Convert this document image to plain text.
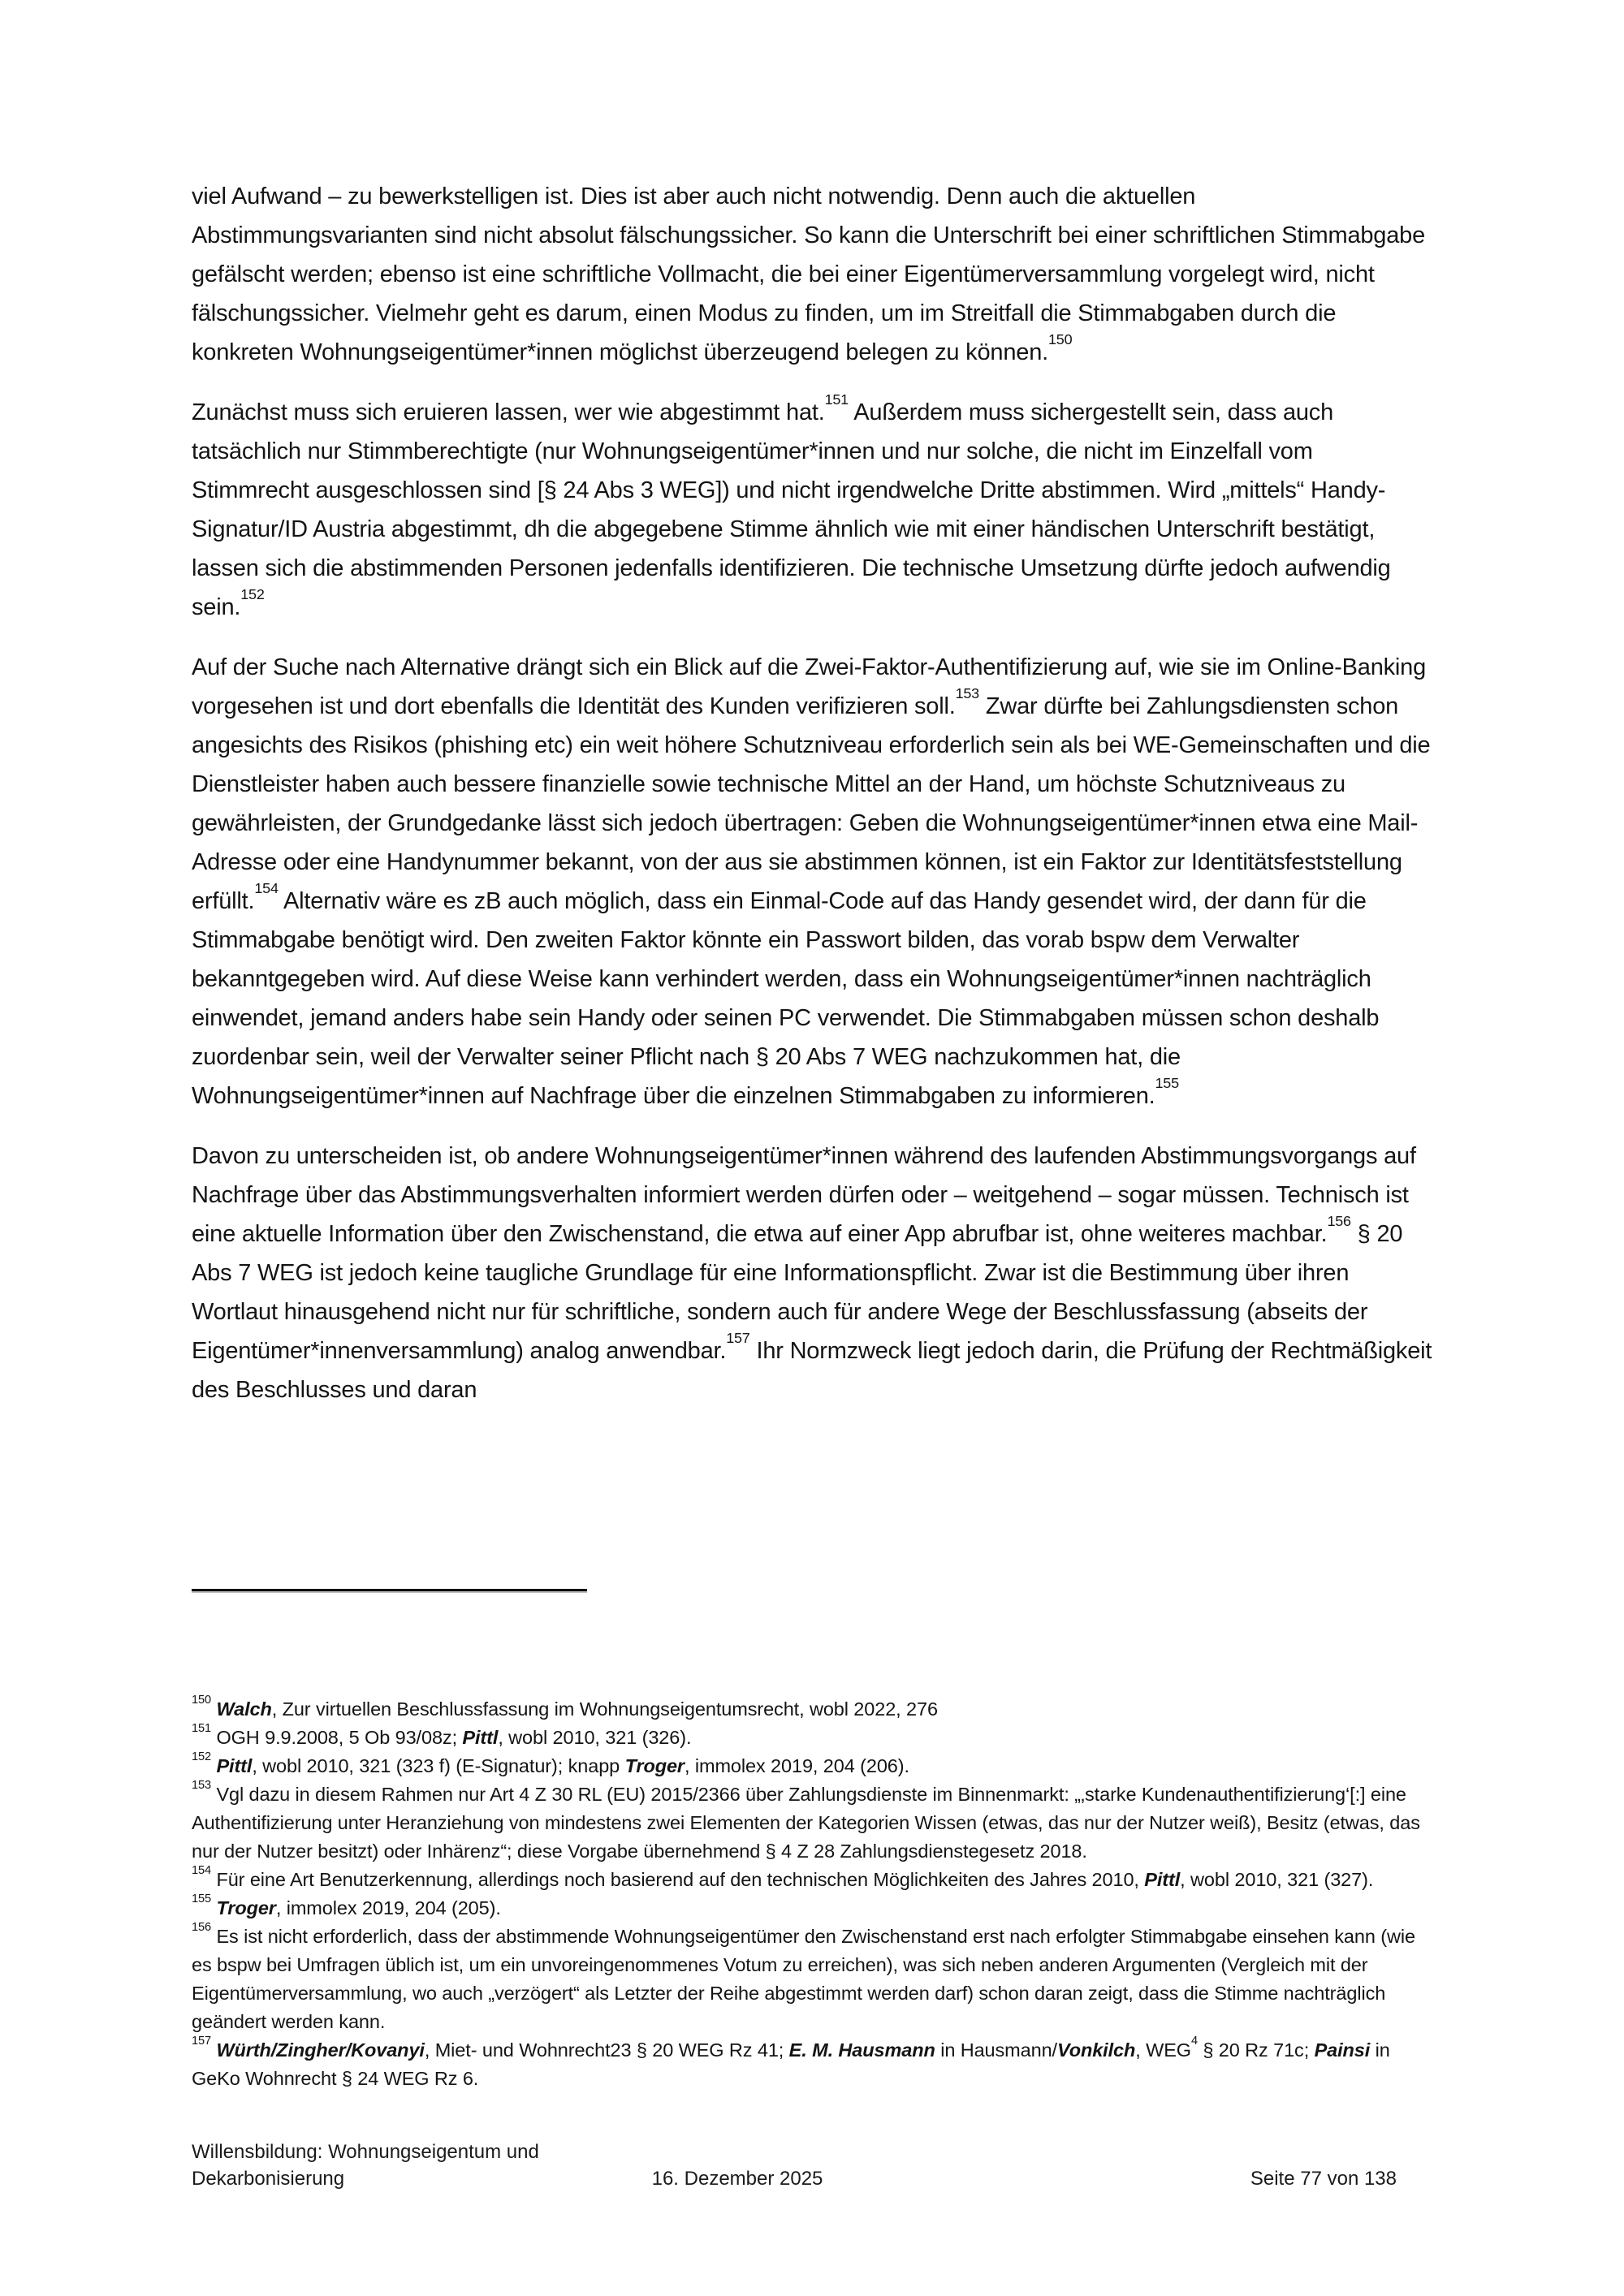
viel Aufwand – zu bewerkstelligen ist. Dies ist aber auch nicht notwendig. Denn auch die aktuellen Abstimmungsvarianten sind nicht absolut fälschungssicher. So kann die Unterschrift bei einer schriftlichen Stimmabgabe gefälscht werden; ebenso ist eine schriftliche Vollmacht, die bei einer Eigentümerversammlung vorgelegt wird, nicht fälschungssicher. Vielmehr geht es darum, einen Modus zu finden, um im Streitfall die Stimmabgaben durch die konkreten Wohnungseigentümer*innen möglichst überzeugend belegen zu können.$^{150}$

Zunächst muss sich eruieren lassen, wer wie abgestimmt hat.$^{151}$ Außerdem muss sichergestellt sein, dass auch tatsächlich nur Stimmberechtigte (nur Wohnungseigentümer*innen und nur solche, die nicht im Einzelfall vom Stimmrecht ausgeschlossen sind [§ 24 Abs 3 WEG]) und nicht irgendwelche Dritte abstimmen. Wird „mittels“ Handy-Signatur/ID Austria abgestimmt, dh die abgegebene Stimme ähnlich wie mit einer händischen Unterschrift bestätigt, lassen sich die abstimmenden Personen jedenfalls identifizieren. Die technische Umsetzung dürfte jedoch aufwendig sein.$^{152}$

Auf der Suche nach Alternative drängt sich ein Blick auf die Zwei-Faktor-Authentifizierung auf, wie sie im Online-Banking vorgesehen ist und dort ebenfalls die Identität des Kunden verifizieren soll.$^{153}$ Zwar dürfte bei Zahlungsdiensten schon angesichts des Risikos (phishing etc) ein weit höhere Schutzniveau erforderlich sein als bei WE-Gemeinschaften und die Dienstleister haben auch bessere finanzielle sowie technische Mittel an der Hand, um höchste Schutzniveaus zu gewährleisten, der Grundgedanke lässt sich jedoch übertragen: Geben die Wohnungseigentümer*innen etwa eine Mail-Adresse oder eine Handynummer bekannt, von der aus sie abstimmen können, ist ein Faktor zur Identitätsfeststellung erfüllt.$^{154}$ Alternativ wäre es zB auch möglich, dass ein Einmal-Code auf das Handy gesendet wird, der dann für die Stimmabgabe benötigt wird. Den zweiten Faktor könnte ein Passwort bilden, das vorab bspw dem Verwalter bekanntgegeben wird. Auf diese Weise kann verhindert werden, dass ein Wohnungseigentümer*innen nachträglich einwendet, jemand anders habe sein Handy oder seinen PC verwendet. Die Stimmabgaben müssen schon deshalb zuordenbar sein, weil der Verwalter seiner Pflicht nach § 20 Abs 7 WEG nachzukommen hat, die Wohnungseigentümer*innen auf Nachfrage über die einzelnen Stimmabgaben zu informieren.$^{155}$

Davon zu unterscheiden ist, ob andere Wohnungseigentümer*innen während des laufenden Abstimmungsvorgangs auf Nachfrage über das Abstimmungsverhalten informiert werden dürfen oder – weitgehend – sogar müssen. Technisch ist eine aktuelle Information über den Zwischenstand, die etwa auf einer App abrufbar ist, ohne weiteres machbar.$^{156}$ § 20 Abs 7 WEG ist jedoch keine taugliche Grundlage für eine Informationspflicht. Zwar ist die Bestimmung über ihren Wortlaut hinausgehend nicht nur für schriftliche, sondern auch für andere Wege der Beschlussfassung (abseits der Eigentümer*innenversammlung) analog anwendbar.$^{157}$ Ihr Normzweck liegt jedoch darin, die Prüfung der Rechtmäßigkeit des Beschlusses und daran

$^{150}$ Walch, Zur virtuellen Beschlussfassung im Wohnungseigentumsrecht, wobl 2022, 276
$^{151}$ OGH 9.9.2008, 5 Ob 93/08z; Pittl, wobl 2010, 321 (326).
$^{152}$ Pittl, wobl 2010, 321 (323 f) (E-Signatur); knapp Troger, immolex 2019, 204 (206).
$^{153}$ Vgl dazu in diesem Rahmen nur Art 4 Z 30 RL (EU) 2015/2366 über Zahlungsdienste im Binnenmarkt: „‚starke Kundenauthentifizierung‘[:] eine Authentifizierung unter Heranziehung von mindestens zwei Elementen der Kategorien Wissen (etwas, das nur der Nutzer weiß), Besitz (etwas, das nur der Nutzer besitzt) oder Inhärenz“; diese Vorgabe übernehmend § 4 Z 28 Zahlungsdienstegesetz 2018.
$^{154}$ Für eine Art Benutzerkennung, allerdings noch basierend auf den technischen Möglichkeiten des Jahres 2010, Pittl, wobl 2010, 321 (327).
$^{155}$ Troger, immolex 2019, 204 (205).
$^{156}$ Es ist nicht erforderlich, dass der abstimmende Wohnungseigentümer den Zwischenstand erst nach erfolgter Stimmabgabe einsehen kann (wie es bspw bei Umfragen üblich ist, um ein unvoreingenommenes Votum zu erreichen), was sich neben anderen Argumenten (Vergleich mit der Eigentümerversammlung, wo auch „verzögert“ als Letzter der Reihe abgestimmt werden darf) schon daran zeigt, dass die Stimme nachträglich geändert werden kann.
$^{157}$ Würth/Zingher/Kovanyi, Miet- und Wohnrecht23 § 20 WEG Rz 41; E. M. Hausmann in Hausmann/Vonkilch, WEG$^4$ § 20 Rz 71c; Painsi in GeKo Wohnrecht § 24 WEG Rz 6.
Willensbildung: Wohnungseigentum und
Dekarbonisierung	16. Dezember 2025	Seite 77 von 138
